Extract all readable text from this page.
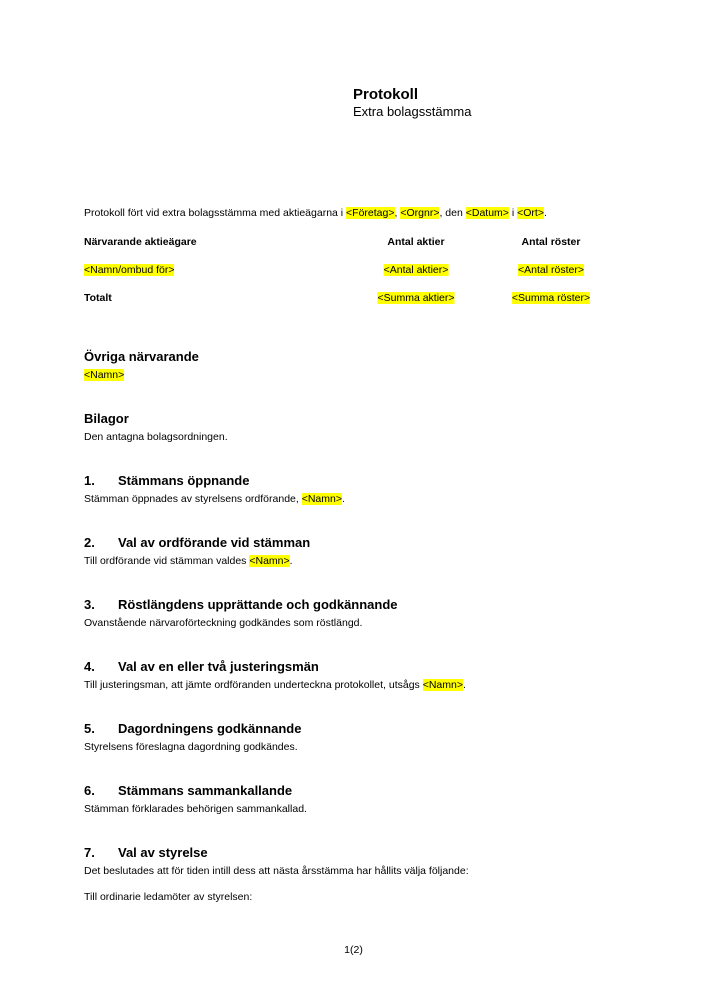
Protokoll
Extra bolagsstämma
Protokoll fört vid extra bolagsstämma med aktieägarna i <Företag>, <Orgnr>, den <Datum> i <Ort>.
Närvarande aktieägare	Antal aktier	Antal röster
<Namn/ombud för>	<Antal aktier>	<Antal röster>
Totalt	<Summa aktier>	<Summa röster>
Övriga närvarande
<Namn>
Bilagor
Den antagna bolagsordningen.
1. Stämmans öppnande
Stämman öppnades av styrelsens ordförande, <Namn>.
2. Val av ordförande vid stämman
Till ordförande vid stämman valdes <Namn>.
3. Röstlängdens upprättande och godkännande
Ovanstående närvaroförteckning godkändes som röstlängd.
4. Val av en eller två justeringsmän
Till justeringsman, att jämte ordföranden underteckna protokollet, utsågs <Namn>.
5. Dagordningens godkännande
Styrelsens föreslagna dagordning godkändes.
6. Stämmans sammankallande
Stämman förklarades behörigen sammankallad.
7. Val av styrelse
Det beslutades att för tiden intill dess att nästa årsstämma har hållits välja följande:
Till ordinarie ledamöter av styrelsen:
1(2)
